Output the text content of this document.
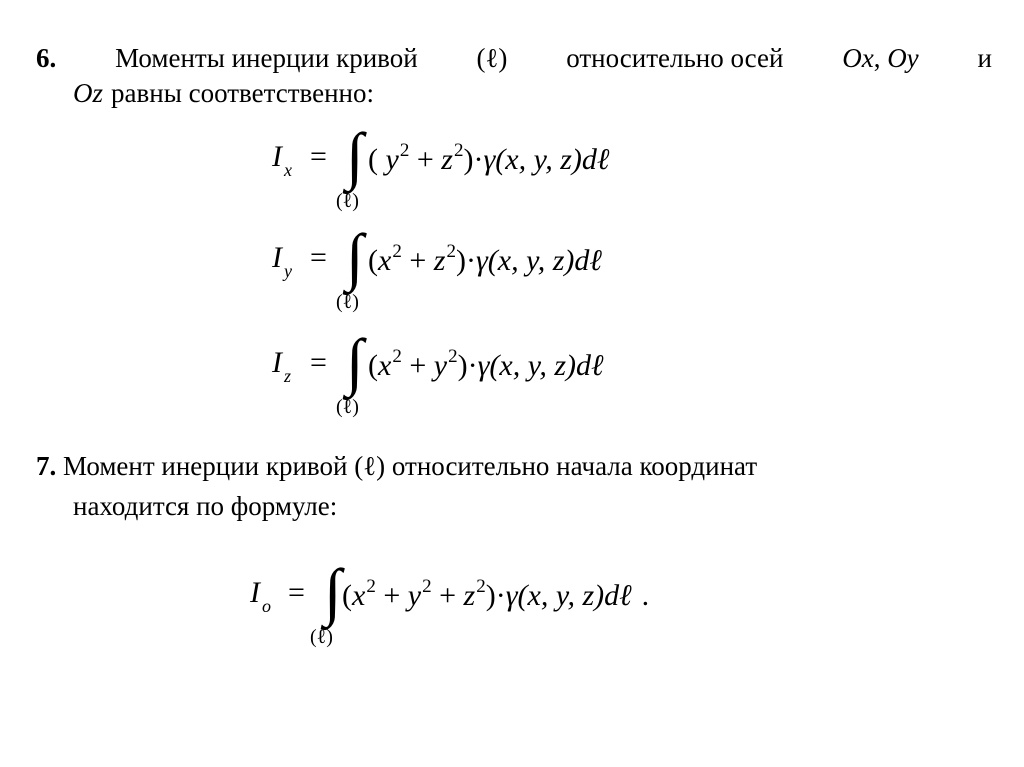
6. Моменты инерции кривой (ℓ) относительно осей Ox, Oy и
Oz равны соответственно:
I $_x$ = ∫ ( $y^2 + z^2)\cdot\gamma(x$, y, z)dℓ
(ℓ)
I $_y$ = ∫ $(x^2 + z^2)\cdot\gamma(x$, y, z)dℓ
(ℓ)
I $_z$ = ∫ $(x^2 + y^2)\cdot\gamma(x$, y, z)dℓ
(ℓ)
7. Момент инерции кривой (ℓ) относительно начала координат
находится по формуле:
I $_o$ = ∫ $(x^2 + y^2 + z^2)\cdot\gamma(x$, y, z)dℓ .
(ℓ)
